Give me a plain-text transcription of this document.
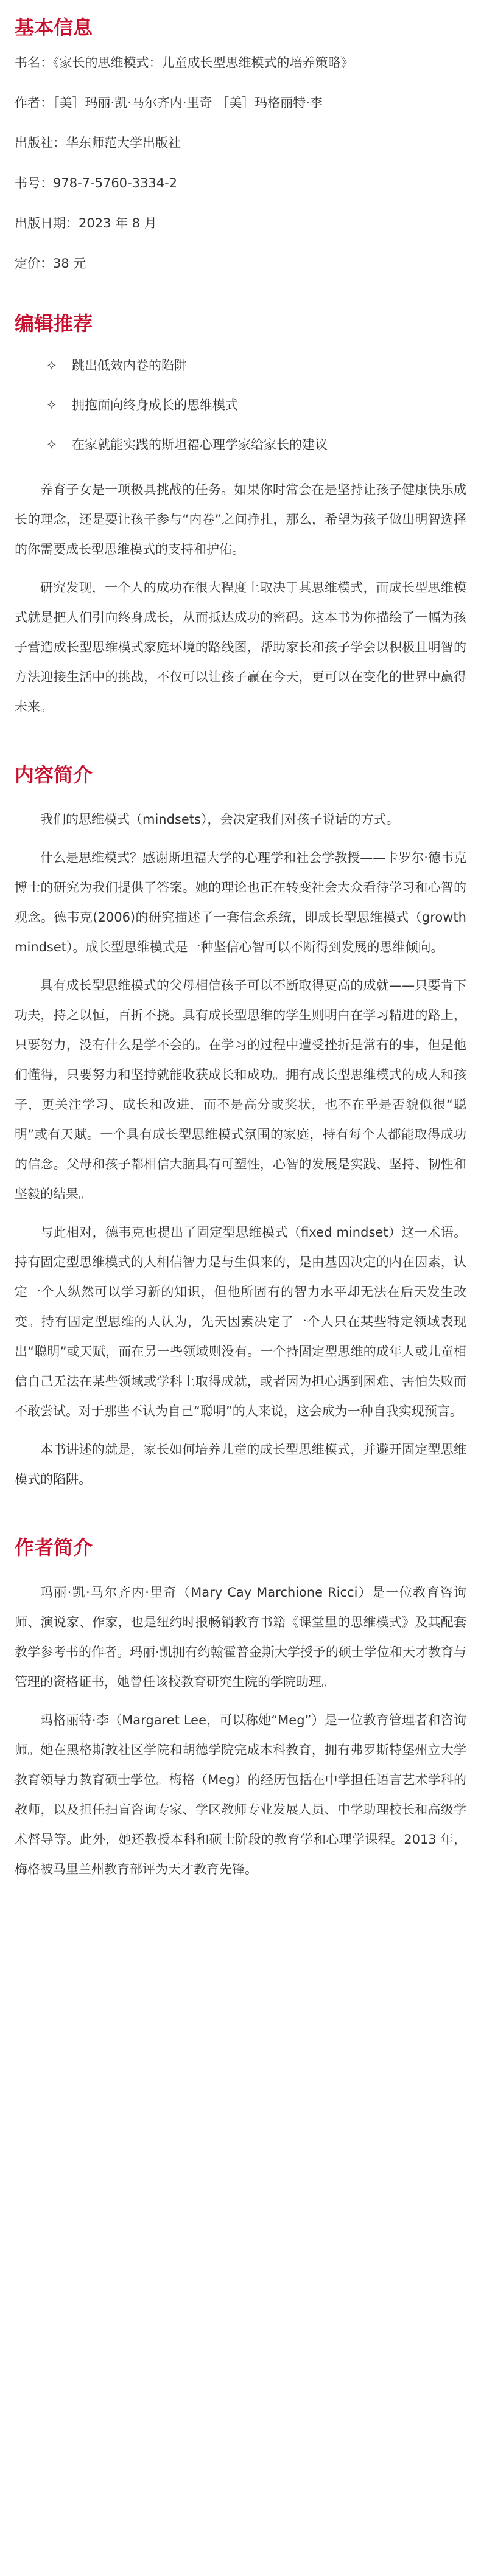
基本信息
书名：《家长的思维模式：儿童成长型思维模式的培养策略》
作者：［美］玛丽·凯·马尔齐内·里奇 ［美］玛格丽特·李
出版社：华东师范大学出版社
书号：978-7-5760-3334-2
出版日期：2023 年 8 月
定价：38 元
编辑推荐
✧ 跳出低效内卷的陷阱
✧ 拥抱面向终身成长的思维模式
✧ 在家就能实践的斯坦福心理学家给家长的建议

养育子女是一项极具挑战的任务。如果你时常会在是坚持让孩子健康快乐成长的理念，还是要让孩子参与“内卷”之间挣扎，那么，希望为孩子做出明智选择的你需要成长型思维模式的支持和护佑。

研究发现，一个人的成功在很大程度上取决于其思维模式，而成长型思维模式就是把人们引向终身成长，从而抵达成功的密码。这本书为你描绘了一幅为孩子营造成长型思维模式家庭环境的路线图，帮助家长和孩子学会以积极且明智的方法迎接生活中的挑战，不仅可以让孩子赢在今天，更可以在变化的世界中赢得未来。

内容简介

我们的思维模式（mindsets），会决定我们对孩子说话的方式。

什么是思维模式？感谢斯坦福大学的心理学和社会学教授——卡罗尔·德韦克博士的研究为我们提供了答案。她的理论也正在转变社会大众看待学习和心智的观念。德韦克(2006)的研究描述了一套信念系统，即成长型思维模式（growth mindset）。成长型思维模式是一种坚信心智可以不断得到发展的思维倾向。

具有成长型思维模式的父母相信孩子可以不断取得更高的成就——只要肯下功夫，持之以恒，百折不挠。具有成长型思维的学生则明白在学习精进的路上，只要努力，没有什么是学不会的。在学习的过程中遭受挫折是常有的事，但是他们懂得，只要努力和坚持就能收获成长和成功。拥有成长型思维模式的成人和孩子，更关注学习、成长和改进，而不是高分或奖状，也不在乎是否貌似很“聪明”或有天赋。一个具有成长型思维模式氛围的家庭，持有每个人都能取得成功的信念。父母和孩子都相信大脑具有可塑性，心智的发展是实践、坚持、韧性和坚毅的结果。

与此相对，德韦克也提出了固定型思维模式（fixed mindset）这一术语。持有固定型思维模式的人相信智力是与生俱来的，是由基因决定的内在因素，认定一个人纵然可以学习新的知识，但他所固有的智力水平却无法在后天发生改变。持有固定型思维的人认为，先天因素决定了一个人只在某些特定领域表现出“聪明”或天赋，而在另一些领域则没有。一个持固定型思维的成年人或儿童相信自己无法在某些领域或学科上取得成就，或者因为担心遇到困难、害怕失败而不敢尝试。对于那些不认为自己“聪明”的人来说，这会成为一种自我实现预言。

本书讲述的就是，家长如何培养儿童的成长型思维模式，并避开固定型思维模式的陷阱。

作者简介

玛丽·凯·马尔齐内·里奇（Mary Cay Marchione Ricci）是一位教育咨询师、演说家、作家，也是纽约时报畅销教育书籍《课堂里的思维模式》及其配套教学参考书的作者。玛丽·凯拥有约翰霍普金斯大学授予的硕士学位和天才教育与管理的资格证书，她曾任该校教育研究生院的学院助理。

玛格丽特·李（Margaret Lee，可以称她“Meg”）是一位教育管理者和咨询师。她在黑格斯敦社区学院和胡德学院完成本科教育，拥有弗罗斯特堡州立大学教育领导力教育硕士学位。梅格（Meg）的经历包括在中学担任语言艺术学科的教师，以及担任扫盲咨询专家、学区教师专业发展人员、中学助理校长和高级学术督导等。此外，她还教授本科和硕士阶段的教育学和心理学课程。2013 年，梅格被马里兰州教育部评为天才教育先锋。
